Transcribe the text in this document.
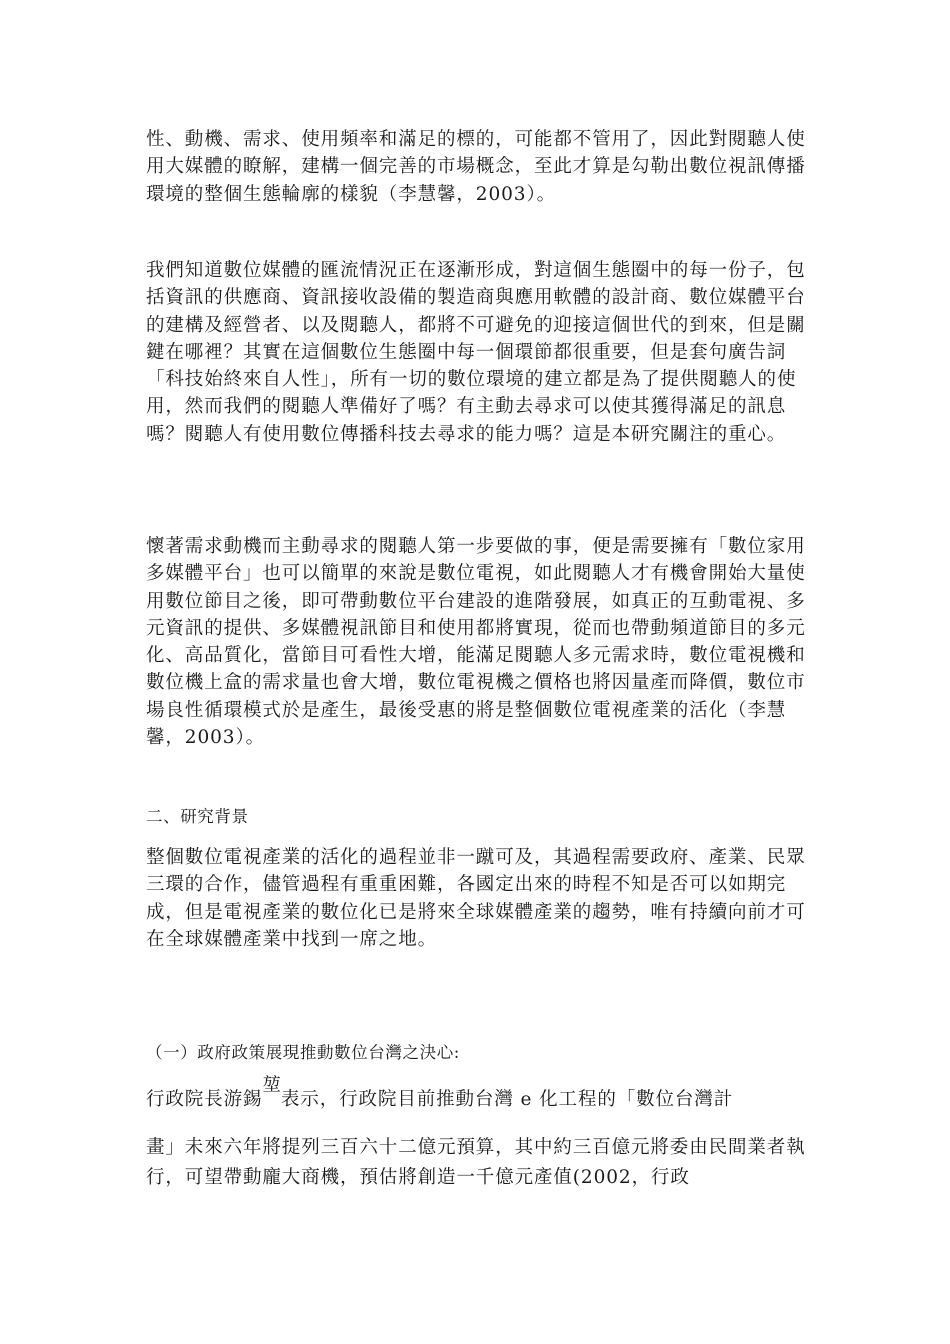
性、動機、需求、使用頻率和滿足的標的，可能都不管用了，因此對閱聽人使用大媒體的瞭解，建構一個完善的市場概念，至此才算是勾勒出數位視訊傳播環境的整個生態輪廓的樣貌（李慧馨，2003）。

我們知道數位媒體的匯流情況正在逐漸形成，對這個生態圈中的每一份子，包括資訊的供應商、資訊接收設備的製造商與應用軟體的設計商、數位媒體平台的建構及經營者、以及閱聽人，都將不可避免的迎接這個世代的到來，但是關鍵在哪裡？其實在這個數位生態圈中每一個環節都很重要，但是套句廣告詞「科技始終來自人性」，所有一切的數位環境的建立都是為了提供閱聽人的使用，然而我們的閱聽人準備好了嗎？有主動去尋求可以使其獲得滿足的訊息嗎？閱聽人有使用數位傳播科技去尋求的能力嗎？這是本研究關注的重心。

懷著需求動機而主動尋求的閱聽人第一步要做的事，便是需要擁有「數位家用多媒體平台」也可以簡單的來說是數位電視，如此閱聽人才有機會開始大量使用數位節目之後，即可帶動數位平台建設的進階發展，如真正的互動電視、多元資訊的提供、多媒體視訊節目和使用都將實現，從而也帶動頻道節目的多元化、高品質化，當節目可看性大增，能滿足閱聽人多元需求時，數位電視機和數位機上盒的需求量也會大增，數位電視機之價格也將因量產而降價，數位市場良性循環模式於是產生，最後受惠的將是整個數位電視產業的活化（李慧馨，2003）。

二、研究背景

整個數位電視產業的活化的過程並非一蹴可及，其過程需要政府、產業、民眾三環的合作，儘管過程有重重困難，各國定出來的時程不知是否可以如期完成，但是電視產業的數位化已是將來全球媒體產業的趨勢，唯有持續向前才可在全球媒體產業中找到一席之地。

（一）政府政策展現推動數位台灣之決心:

行政院長游錫堃表示，行政院目前推動台灣 e 化工程的「數位台灣計

畫」未來六年將提列三百六十二億元預算，其中約三百億元將委由民間業者執行，可望帶動龐大商機，預估將創造一千億元產值(2002，行政
